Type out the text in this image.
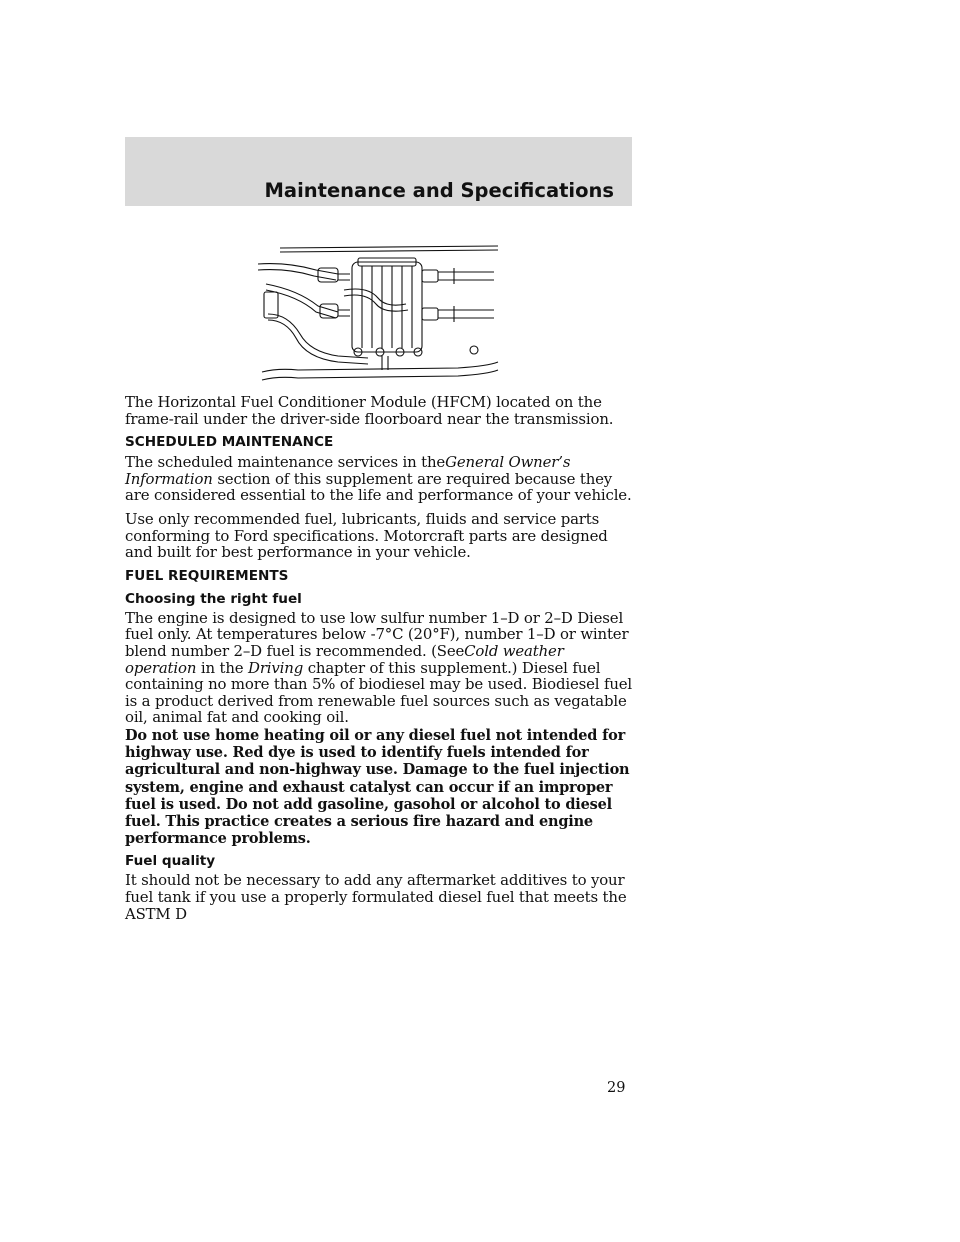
Maintenance and Specifications

The Horizontal Fuel Conditioner Module (HFCM) located on the frame-rail under the driver-side floorboard near the transmission.

SCHEDULED MAINTENANCE

The scheduled maintenance services in theGeneral Owner’s Information section of this supplement are required because they are considered essential to the life and performance of your vehicle.

Use only recommended fuel, lubricants, fluids and service parts conforming to Ford specifications. Motorcraft parts are designed and built for best performance in your vehicle.

FUEL REQUIREMENTS
Choosing the right fuel

The engine is designed to use low sulfur number 1–D or 2–D Diesel fuel only. At temperatures below -7°C (20°F), number 1–D or winter blend number 2–D fuel is recommended. (SeeCold weather operation in the Driving chapter of this supplement.) Diesel fuel containing no more than 5% of biodiesel may be used. Biodiesel fuel is a product derived from renewable fuel sources such as vegatable oil, animal fat and cooking oil.

Do not use home heating oil or any diesel fuel not intended for highway use. Red dye is used to identify fuels intended for agricultural and non-highway use. Damage to the fuel injection system, engine and exhaust catalyst can occur if an improper fuel is used. Do not add gasoline, gasohol or alcohol to diesel fuel. This practice creates a serious fire hazard and engine performance problems.

Fuel quality

It should not be necessary to add any aftermarket additives to your fuel tank if you use a properly formulated diesel fuel that meets the ASTM D

29
